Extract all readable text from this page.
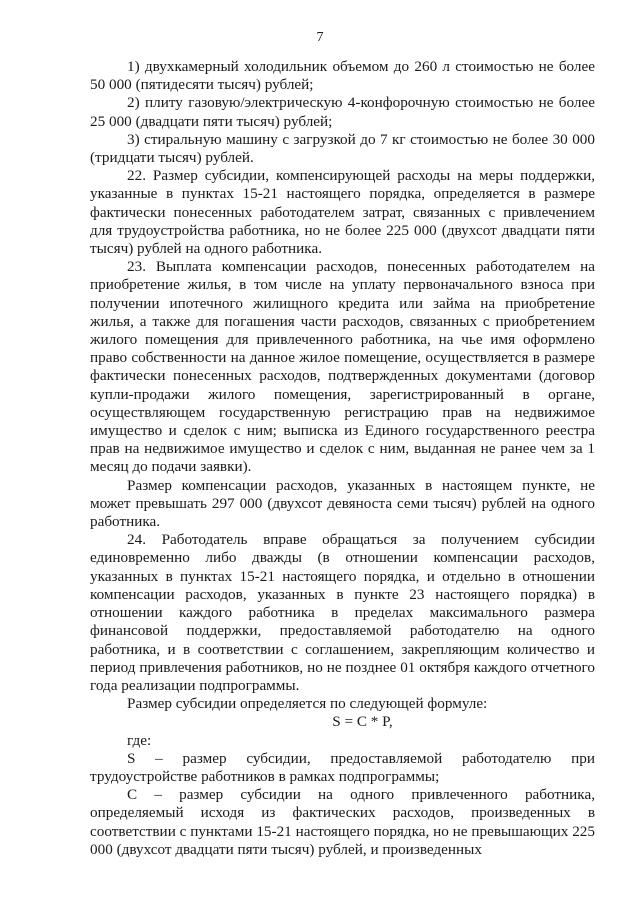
7

1) двухкамерный холодильник объемом до 260 л стоимостью не более 50 000 (пятидесяти тысяч) рублей;

2) плиту газовую/электрическую 4-конфорочную стоимостью не более 25 000 (двадцати пяти тысяч) рублей;

3) стиральную машину с загрузкой до 7 кг стоимостью не более 30 000 (тридцати тысяч) рублей.

22. Размер субсидии, компенсирующей расходы на меры поддержки, указанные в пунктах 15-21 настоящего порядка, определяется в размере фактически понесенных работодателем затрат, связанных с привлечением для трудоустройства работника, но не более 225 000 (двухсот двадцати пяти тысяч) рублей на одного работника.

23. Выплата компенсации расходов, понесенных работодателем на приобретение жилья, в том числе на уплату первоначального взноса при получении ипотечного жилищного кредита или займа на приобретение жилья, а также для погашения части расходов, связанных с приобретением жилого помещения для привлеченного работника, на чье имя оформлено право собственности на данное жилое помещение, осуществляется в размере фактически понесенных расходов, подтвержденных документами (договор купли-продажи жилого помещения, зарегистрированный в органе, осуществляющем государственную регистрацию прав на недвижимое имущество и сделок с ним; выписка из Единого государственного реестра прав на недвижимое имущество и сделок с ним, выданная не ранее чем за 1 месяц до подачи заявки).

Размер компенсации расходов, указанных в настоящем пункте, не может превышать 297 000 (двухсот девяноста семи тысяч) рублей на одного работника.

24. Работодатель вправе обращаться за получением субсидии единовременно либо дважды (в отношении компенсации расходов, указанных в пунктах 15-21 настоящего порядка, и отдельно в отношении компенсации расходов, указанных в пункте 23 настоящего порядка) в отношении каждого работника в пределах максимального размера финансовой поддержки, предоставляемой работодателю на одного работника, и в соответствии с соглашением, закрепляющим количество и период привлечения работников, но не позднее 01 октября каждого отчетного года реализации подпрограммы.

Размер субсидии определяется по следующей формуле:

S = C * P,

где:

S – размер субсидии, предоставляемой работодателю при трудоустройстве работников в рамках подпрограммы;

C – размер субсидии на одного привлеченного работника, определяемый исходя из фактических расходов, произведенных в соответствии с пунктами 15-21 настоящего порядка, но не превышающих 225 000 (двухсот двадцати пяти тысяч) рублей, и произведенных
